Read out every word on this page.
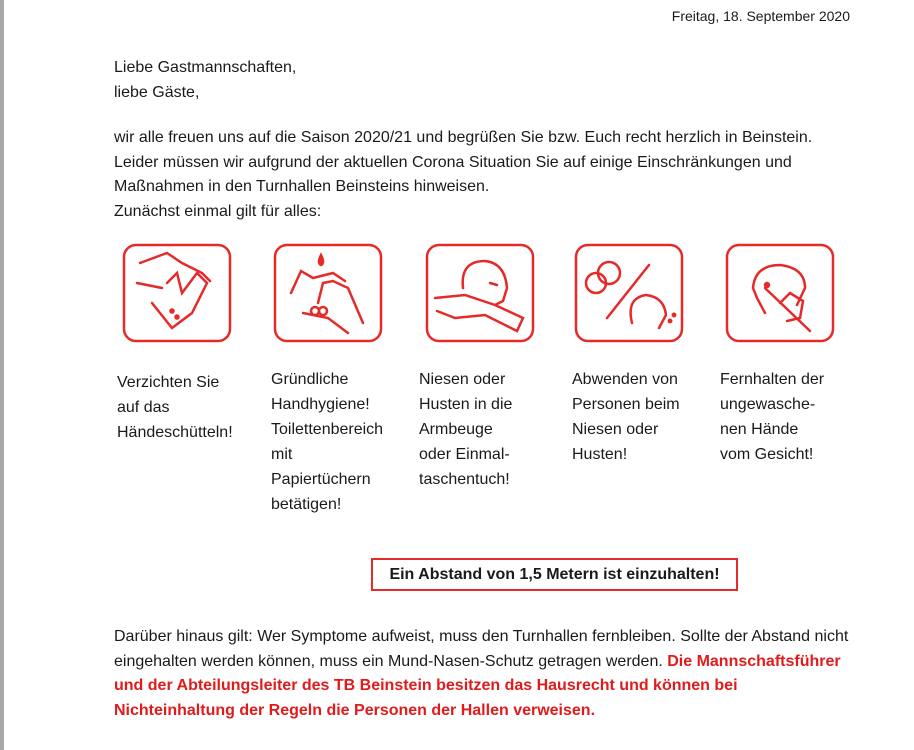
Freitag, 18. September 2020
Liebe Gastmannschaften,
liebe Gäste,
wir alle freuen uns auf die Saison 2020/21 und begrüßen Sie bzw. Euch recht herzlich in Beinstein. Leider müssen wir aufgrund der aktuellen Corona Situation Sie auf einige Einschränkungen und Maßnahmen in den Turnhallen Beinsteins hinweisen.
Zunächst einmal gilt für alles:
Verzichten Sie
auf das
Händeschütteln!
Gründliche
Handhygiene!
Toilettenbereich
mit
Papiertüchern
betätigen!
Niesen oder
Husten in die
Armbeuge
oder Einmal-
taschentuch!
Abwenden von
Personen beim
Niesen oder
Husten!
Fernhalten der
ungewasche-
nen Hände
vom Gesicht!
Ein Abstand von 1,5 Metern ist einzuhalten!
Darüber hinaus gilt: Wer Symptome aufweist, muss den Turnhallen fernbleiben. Sollte der Abstand nicht eingehalten werden können, muss ein Mund-Nasen-Schutz getragen werden. Die Mannschaftsführer und der Abteilungsleiter des TB Beinstein besitzen das Hausrecht und können bei Nichteinhaltung der Regeln die Personen der Hallen verweisen.
